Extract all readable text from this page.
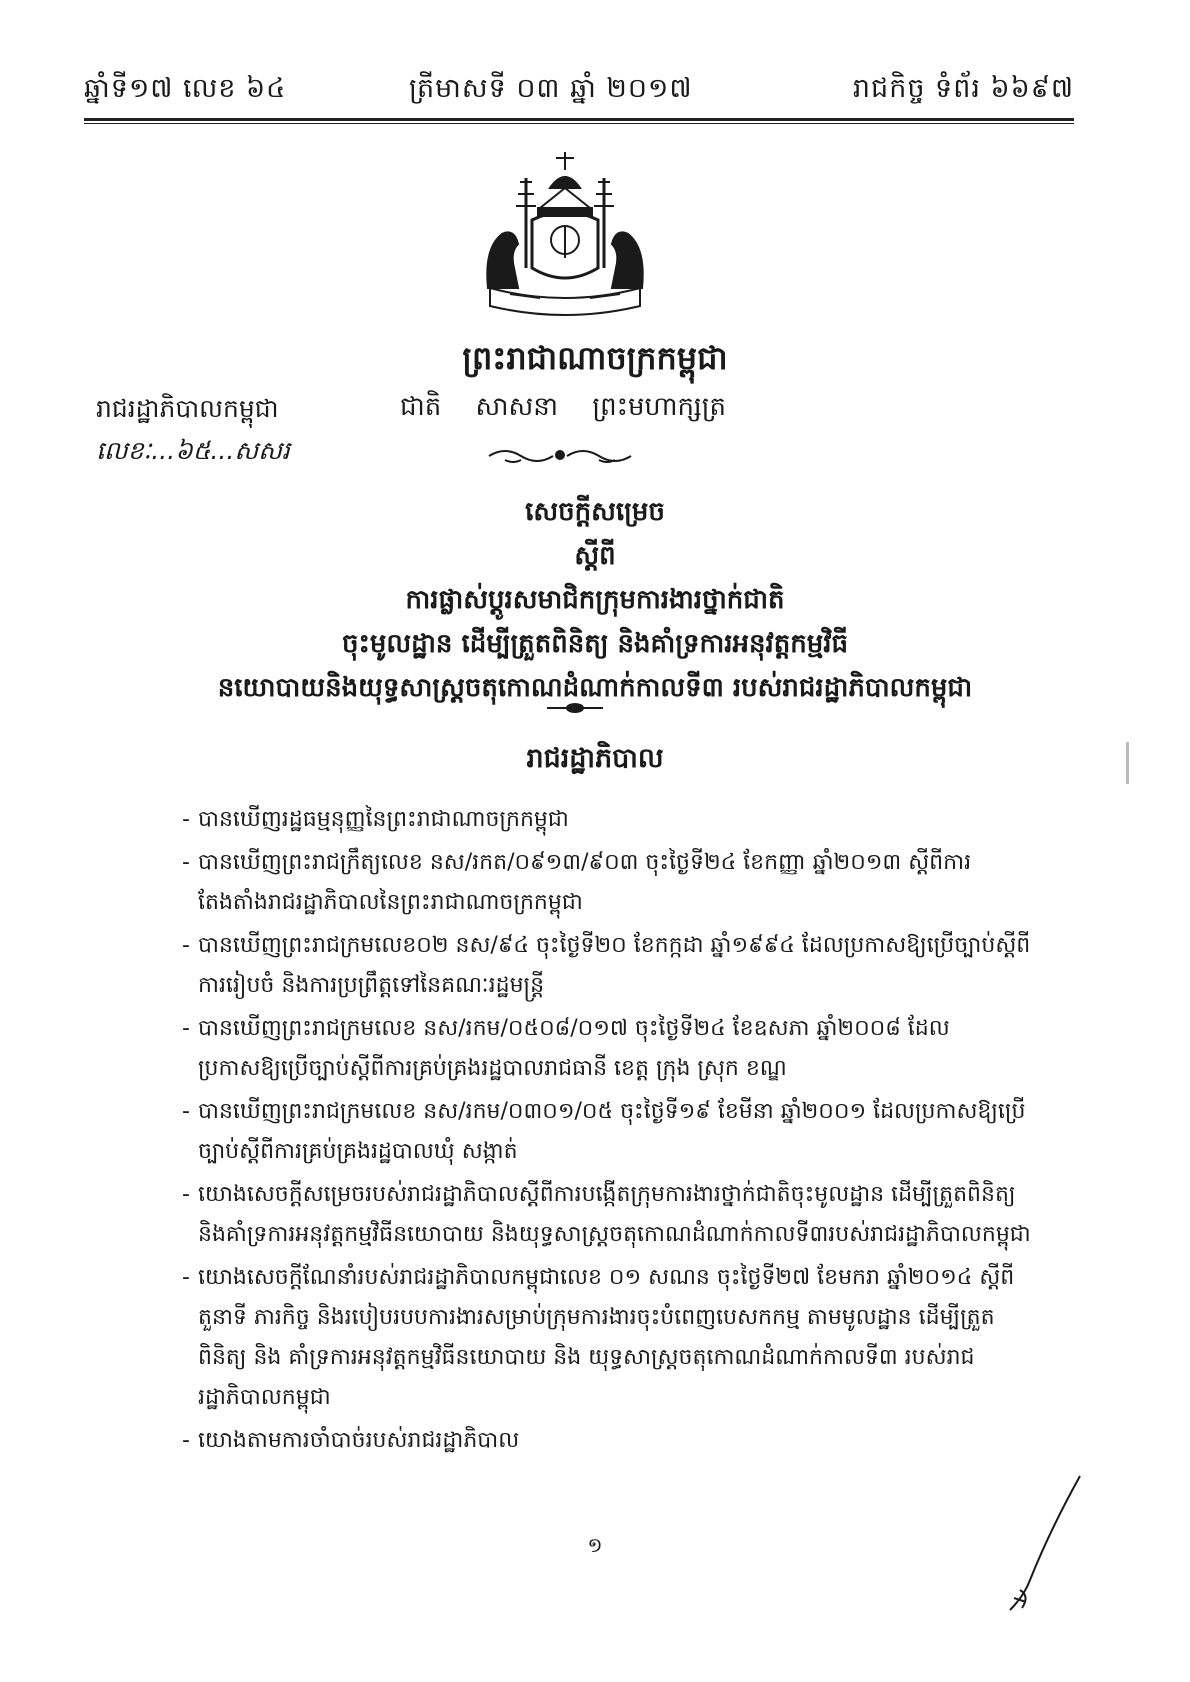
ឆ្នាំទី១៧ លេខ ៦៤	ត្រីមាសទី ០៣ ឆ្នាំ ២០១៧	រាជកិច្ច ទំព័រ ៦៦៩៧
ព្រះរាជាណាចក្រកម្ពុជា
រាជរដ្ឋាភិបាលកម្ពុជា
លេខៈ...៦៥...សសរ
ជាតិ សាសនា ព្រះមហាក្សត្រ
សេចក្តីសម្រេច
ស្តីពី
ការផ្លាស់ប្តូរសមាជិកក្រុមការងារថ្នាក់ជាតិ
ចុះមូលដ្ឋាន ដើម្បីត្រួតពិនិត្យ និងគាំទ្រការអនុវត្តកម្មវិធី
នយោបាយនិងយុទ្ធសាស្ត្រចតុកោណដំណាក់កាលទី៣ របស់រាជរដ្ឋាភិបាលកម្ពុជា
រាជរដ្ឋាភិបាល
- បានឃើញរដ្ឋធម្មនុញ្ញនៃព្រះរាជាណាចក្រកម្ពុជា
- បានឃើញព្រះរាជក្រឹត្យលេខ នស/រកត/០៩១៣/៩០៣ ចុះថ្ងៃទី២៤ ខែកញ្ញា ឆ្នាំ២០១៣ ស្តីពីការតែងតាំងរាជរដ្ឋាភិបាលនៃព្រះរាជាណាចក្រកម្ពុជា
- បានឃើញព្រះរាជក្រមលេខ០២ នស/៩៤ ចុះថ្ងៃទី២០ ខែកក្កដា ឆ្នាំ១៩៩៤ ដែលប្រកាសឱ្យប្រើច្បាប់ស្តីពីការរៀបចំ និងការប្រព្រឹត្តទៅនៃគណៈរដ្ឋមន្ត្រី
- បានឃើញព្រះរាជក្រមលេខ នស/រកម/០៥០៨/០១៧ ចុះថ្ងៃទី២៤ ខែឧសភា ឆ្នាំ២០០៨ ដែលប្រកាសឱ្យប្រើច្បាប់ស្តីពីការគ្រប់គ្រងរដ្ឋបាលរាជធានី ខេត្ត ក្រុង ស្រុក ខណ្ឌ
- បានឃើញព្រះរាជក្រមលេខ នស/រកម/០៣០១/០៥ ចុះថ្ងៃទី១៩ ខែមីនា ឆ្នាំ២០០១ ដែលប្រកាសឱ្យប្រើច្បាប់ស្តីពីការគ្រប់គ្រងរដ្ឋបាលឃុំ សង្កាត់
- យោងសេចក្តីសម្រេចរបស់រាជរដ្ឋាភិបាលស្តីពីការបង្កើតក្រុមការងារថ្នាក់ជាតិចុះមូលដ្ឋាន ដើម្បីត្រួតពិនិត្យនិងគាំទ្រការអនុវត្តកម្មវិធីនយោបាយ និងយុទ្ធសាស្ត្រចតុកោណដំណាក់កាលទី៣របស់រាជរដ្ឋាភិបាលកម្ពុជា
- យោងសេចក្តីណែនាំរបស់រាជរដ្ឋាភិបាលកម្ពុជាលេខ ០១ សណន ចុះថ្ងៃទី២៧ ខែមករា ឆ្នាំ២០១៤ ស្តីពីតួនាទី ភារកិច្ច និងរបៀបរបបការងារសម្រាប់ក្រុមការងារចុះបំពេញបេសកកម្ម តាមមូលដ្ឋាន ដើម្បីត្រួតពិនិត្យ និង គាំទ្រការអនុវត្តកម្មវិធីនយោបាយ និង យុទ្ធសាស្ត្រចតុកោណដំណាក់កាលទី៣ របស់រាជរដ្ឋាភិបាលកម្ពុជា
- យោងតាមការចាំបាច់របស់រាជរដ្ឋាភិបាល
១
